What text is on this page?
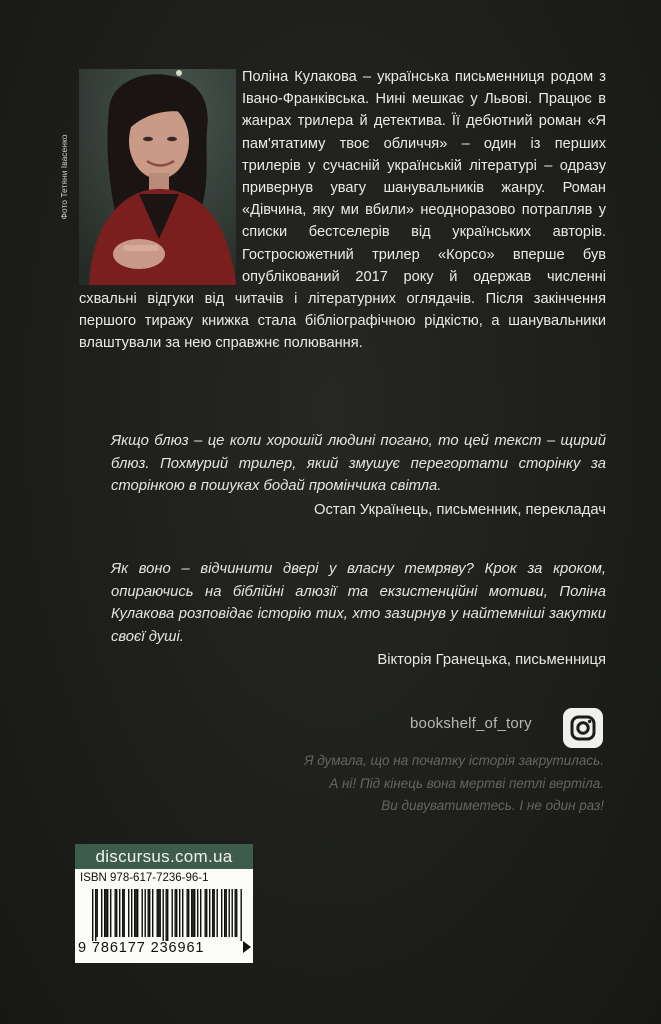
Фото Тетяни Івасенко
Поліна Кулакова – українська письменниця родом з Івано-Франківська. Нині мешкає у Львові. Працює в жанрах трилера й детектива. Її дебютний роман «Я пам'ятатиму твоє обличчя» – один із перших трилерів у сучасній українській літературі – одразу привернув увагу шанувальників жанру. Роман «Дівчина, яку ми вбили» неодноразово потрапляв у списки бестселерів від українських авторів. Гостросюжетний трилер «Корсо» вперше був опублікований 2017 року й одержав численні схвальні відгуки від читачів і літературних оглядачів. Після закінчення першого тиражу книжка стала бібліографічною рідкістю, а шанувальники влаштували за нею справжнє полювання.
Якщо блюз – це коли хорошій людині погано, то цей текст – щирий блюз. Похмурий трилер, який змушує перегортати сторінку за сторінкою в пошуках бодай промінчика світла.
Остап Українець, письменник, перекладач
Як воно – відчинити двері у власну темряву? Крок за кроком, опираючись на біблійні алюзії та екзистенційні мотиви, Поліна Кулакова розповідає історію тих, хто зазирнув у найтемніші закутки своєї душі.
Вікторія Гранецька, письменниця
bookshelf_of_tory
Я думала, що на початку історія закрутилась.
А ні! Під кінець вона мертві петлі вертіла.
Ви дивуватиметесь. І не один раз!
discursus.com.ua
ISBN 978-617-7236-96-1
9 786177 236961
